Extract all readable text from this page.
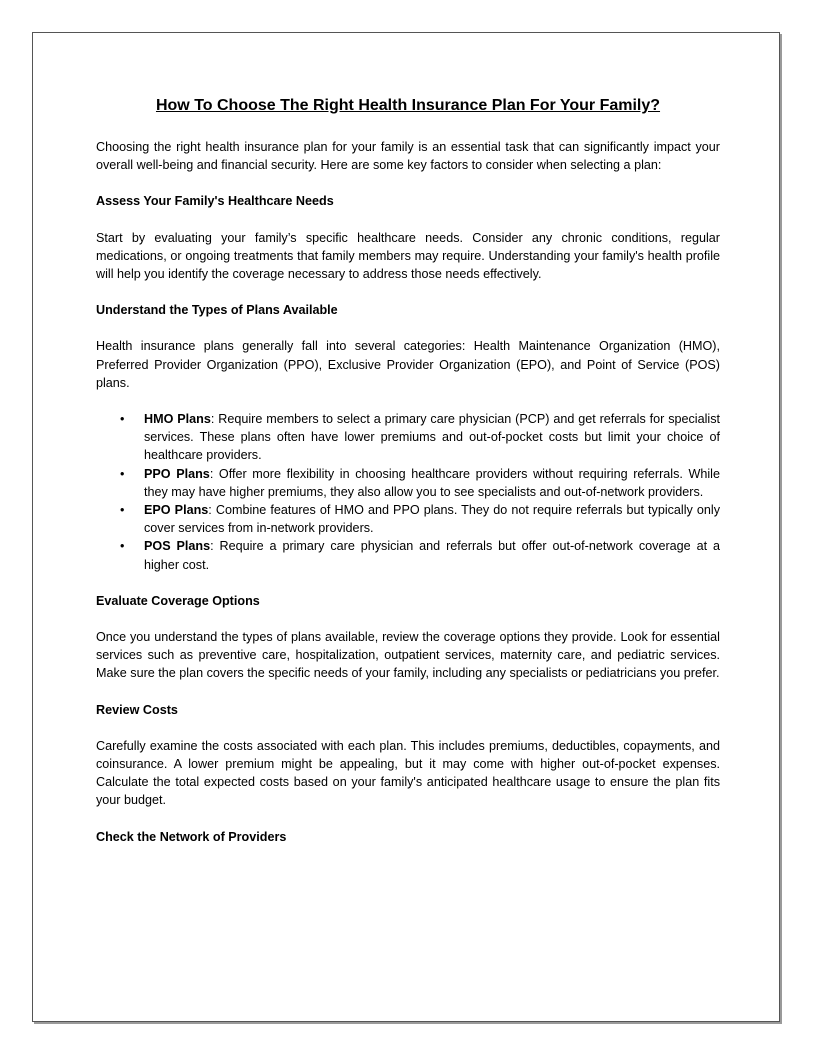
How To Choose The Right Health Insurance Plan For Your Family?

Choosing the right health insurance plan for your family is an essential task that can significantly impact your overall well-being and financial security. Here are some key factors to consider when selecting a plan:

Assess Your Family's Healthcare Needs

Start by evaluating your family’s specific healthcare needs. Consider any chronic conditions, regular medications, or ongoing treatments that family members may require. Understanding your family's health profile will help you identify the coverage necessary to address those needs effectively.

Understand the Types of Plans Available

Health insurance plans generally fall into several categories: Health Maintenance Organization (HMO), Preferred Provider Organization (PPO), Exclusive Provider Organization (EPO), and Point of Service (POS) plans.

• HMO Plans: Require members to select a primary care physician (PCP) and get referrals for specialist services. These plans often have lower premiums and out-of-pocket costs but limit your choice of healthcare providers.
• PPO Plans: Offer more flexibility in choosing healthcare providers without requiring referrals. While they may have higher premiums, they also allow you to see specialists and out-of-network providers.
• EPO Plans: Combine features of HMO and PPO plans. They do not require referrals but typically only cover services from in-network providers.
• POS Plans: Require a primary care physician and referrals but offer out-of-network coverage at a higher cost.
Evaluate Coverage Options

Once you understand the types of plans available, review the coverage options they provide. Look for essential services such as preventive care, hospitalization, outpatient services, maternity care, and pediatric services. Make sure the plan covers the specific needs of your family, including any specialists or pediatricians you prefer.

Review Costs

Carefully examine the costs associated with each plan. This includes premiums, deductibles, copayments, and coinsurance. A lower premium might be appealing, but it may come with higher out-of-pocket expenses. Calculate the total expected costs based on your family's anticipated healthcare usage to ensure the plan fits your budget.

Check the Network of Providers
